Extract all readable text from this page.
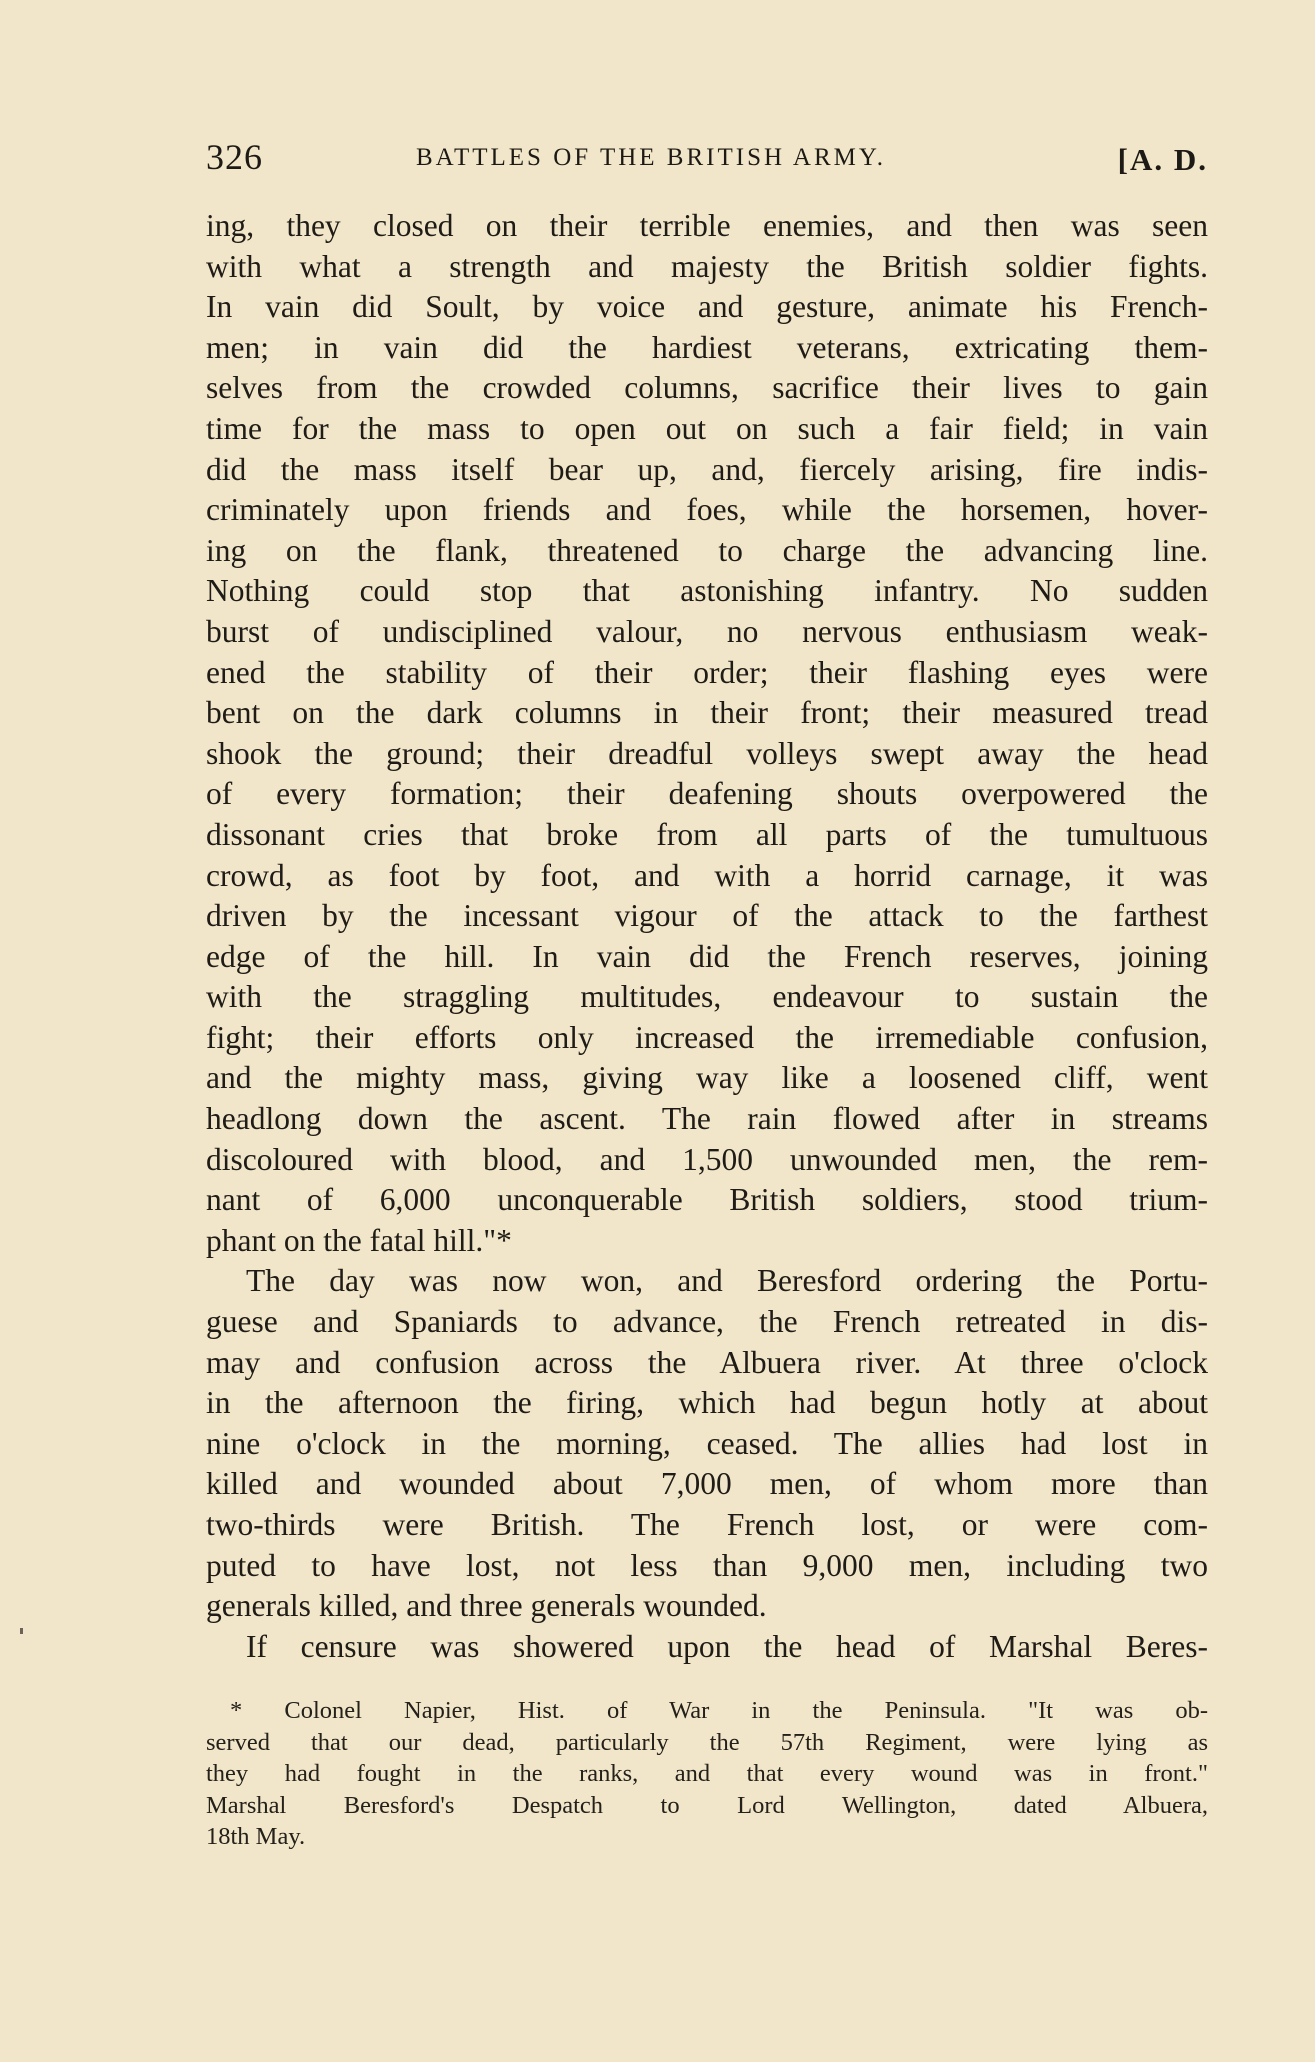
326	BATTLES OF THE BRITISH ARMY.	[A. D.
ing, they closed on their terrible enemies, and then was seen
with what a strength and majesty the British soldier fights.
In vain did Soult, by voice and gesture, animate his French-
men; in vain did the hardiest veterans, extricating them-
selves from the crowded columns, sacrifice their lives to gain
time for the mass to open out on such a fair field; in vain
did the mass itself bear up, and, fiercely arising, fire indis-
criminately upon friends and foes, while the horsemen, hover-
ing on the flank, threatened to charge the advancing line.
Nothing could stop that astonishing infantry. No sudden
burst of undisciplined valour, no nervous enthusiasm weak-
ened the stability of their order; their flashing eyes were
bent on the dark columns in their front; their measured tread
shook the ground; their dreadful volleys swept away the head
of every formation; their deafening shouts overpowered the
dissonant cries that broke from all parts of the tumultuous
crowd, as foot by foot, and with a horrid carnage, it was
driven by the incessant vigour of the attack to the farthest
edge of the hill. In vain did the French reserves, joining
with the straggling multitudes, endeavour to sustain the
fight; their efforts only increased the irremediable confusion,
and the mighty mass, giving way like a loosened cliff, went
headlong down the ascent. The rain flowed after in streams
discoloured with blood, and 1,500 unwounded men, the rem-
nant of 6,000 unconquerable British soldiers, stood trium-
phant on the fatal hill."*
The day was now won, and Beresford ordering the Portu-
guese and Spaniards to advance, the French retreated in dis-
may and confusion across the Albuera river. At three o'clock
in the afternoon the firing, which had begun hotly at about
nine o'clock in the morning, ceased. The allies had lost in
killed and wounded about 7,000 men, of whom more than
two-thirds were British. The French lost, or were com-
puted to have lost, not less than 9,000 men, including two
generals killed, and three generals wounded.
If censure was showered upon the head of Marshal Beres-
* Colonel Napier, Hist. of War in the Peninsula. "It was ob-
served that our dead, particularly the 57th Regiment, were lying as
they had fought in the ranks, and that every wound was in front."
Marshal Beresford's Despatch to Lord Wellington, dated Albuera,
18th May.
